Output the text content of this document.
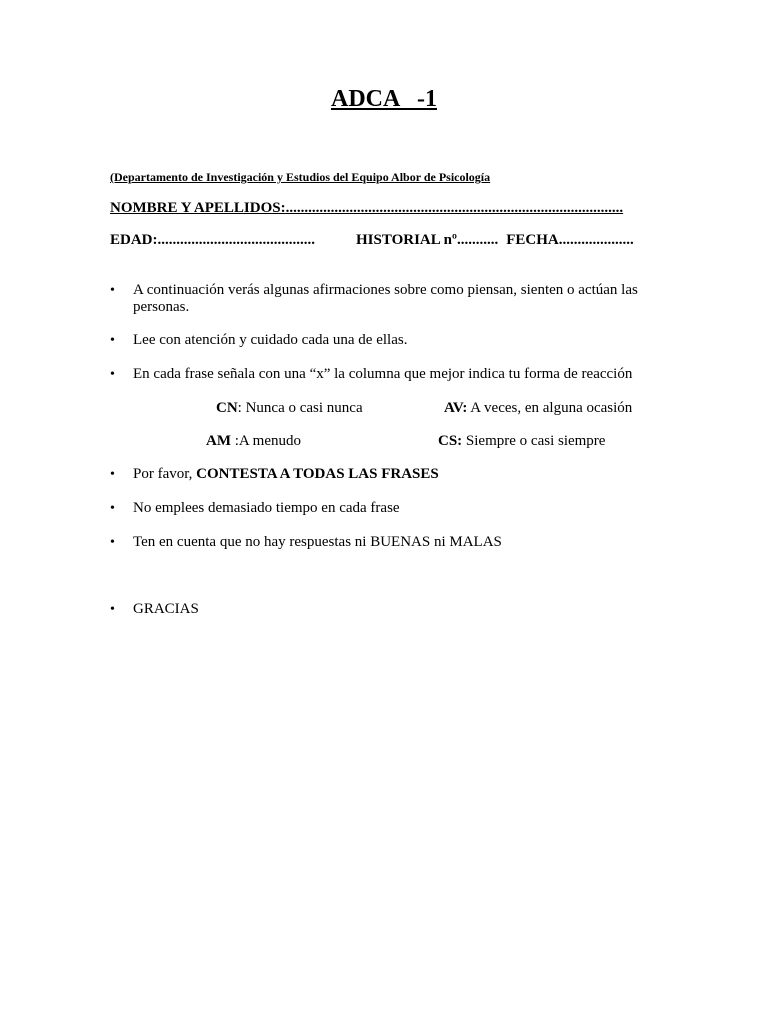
ADCA   -1
(Departamento de Investigación y Estudios del Equipo Albor de Psicología
NOMBRE Y APELLIDOS:..........................................................................................
EDAD:..........................................	HISTORIAL nº........... FECHA....................
• A continuación verás algunas afirmaciones sobre como piensan, sienten o actúan las personas.
• Lee con atención y cuidado cada una de ellas.
• En cada frase señala con una “x” la columna que mejor indica tu forma de reacción
CN: Nunca o casi nunca	AV: A veces, en alguna ocasión
AM :A menudo	CS: Siempre o casi siempre
• Por favor, CONTESTA A TODAS LAS FRASES
• No emplees demasiado tiempo en cada frase
• Ten en cuenta que no hay respuestas ni BUENAS ni MALAS
• GRACIAS
